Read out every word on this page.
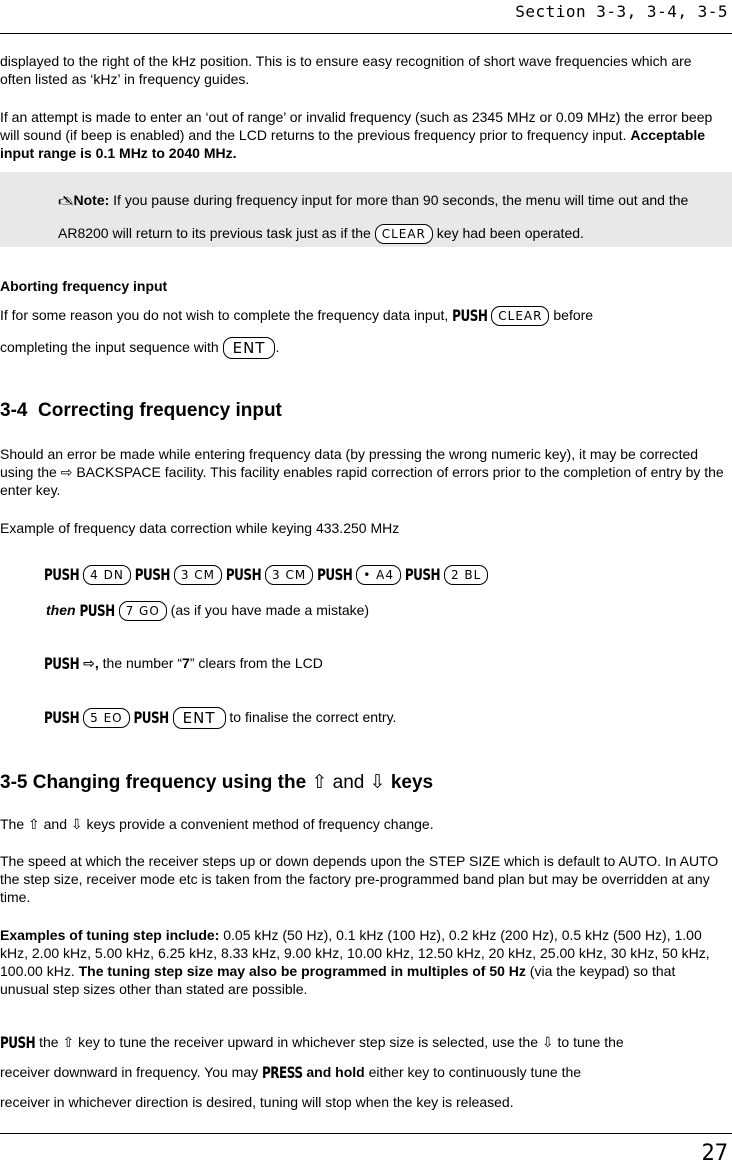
Section 3-3, 3-4, 3-5
displayed to the right of the kHz position. This is to ensure easy recognition of short wave frequencies which are often listed as ‘kHz’ in frequency guides.
If an attempt is made to enter an ‘out of range’ or invalid frequency (such as 2345 MHz or 0.09 MHz) the error beep will sound (if beep is enabled) and the LCD returns to the previous frequency prior to frequency input. Acceptable input range is 0.1 MHz to 2040 MHz.
🖎Note: If you pause during frequency input for more than 90 seconds, the menu will time out and the AR8200 will return to its previous task just as if the CLEAR key had been operated.
Aborting frequency input
If for some reason you do not wish to complete the frequency data input, PUSH CLEAR before
completing the input sequence with ENT .
3-4 Correcting frequency input
Should an error be made while entering frequency data (by pressing the wrong numeric key), it may be corrected using the ⇨ BACKSPACE facility. This facility enables rapid correction of errors prior to the completion of entry by the enter key.
Example of frequency data correction while keying 433.250 MHz
PUSH 4 DN PUSH 3 CM PUSH 3 CM PUSH • A4 PUSH 2 BL
then PUSH 7 GO (as if you have made a mistake)
PUSH ⇨, the number “7” clears from the LCD
PUSH 5 EO PUSH ENT to finalise the correct entry.
3-5 Changing frequency using the ⇧ and ⇩ keys
The ⇧ and ⇩ keys provide a convenient method of frequency change.
The speed at which the receiver steps up or down depends upon the STEP SIZE which is default to AUTO. In AUTO the step size, receiver mode etc is taken from the factory pre-programmed band plan but may be overridden at any time.
Examples of tuning step include: 0.05 kHz (50 Hz), 0.1 kHz (100 Hz), 0.2 kHz (200 Hz), 0.5 kHz (500 Hz), 1.00 kHz, 2.00 kHz, 5.00 kHz, 6.25 kHz, 8.33 kHz, 9.00 kHz, 10.00 kHz, 12.50 kHz, 20 kHz, 25.00 kHz, 30 kHz, 50 kHz, 100.00 kHz. The tuning step size may also be programmed in multiples of 50 Hz (via the keypad) so that unusual step sizes other than stated are possible.
PUSH the ⇧ key to tune the receiver upward in whichever step size is selected, use the ⇩ to tune the
receiver downward in frequency. You may PRESS and hold either key to continuously tune the
receiver in whichever direction is desired, tuning will stop when the key is released.
27
